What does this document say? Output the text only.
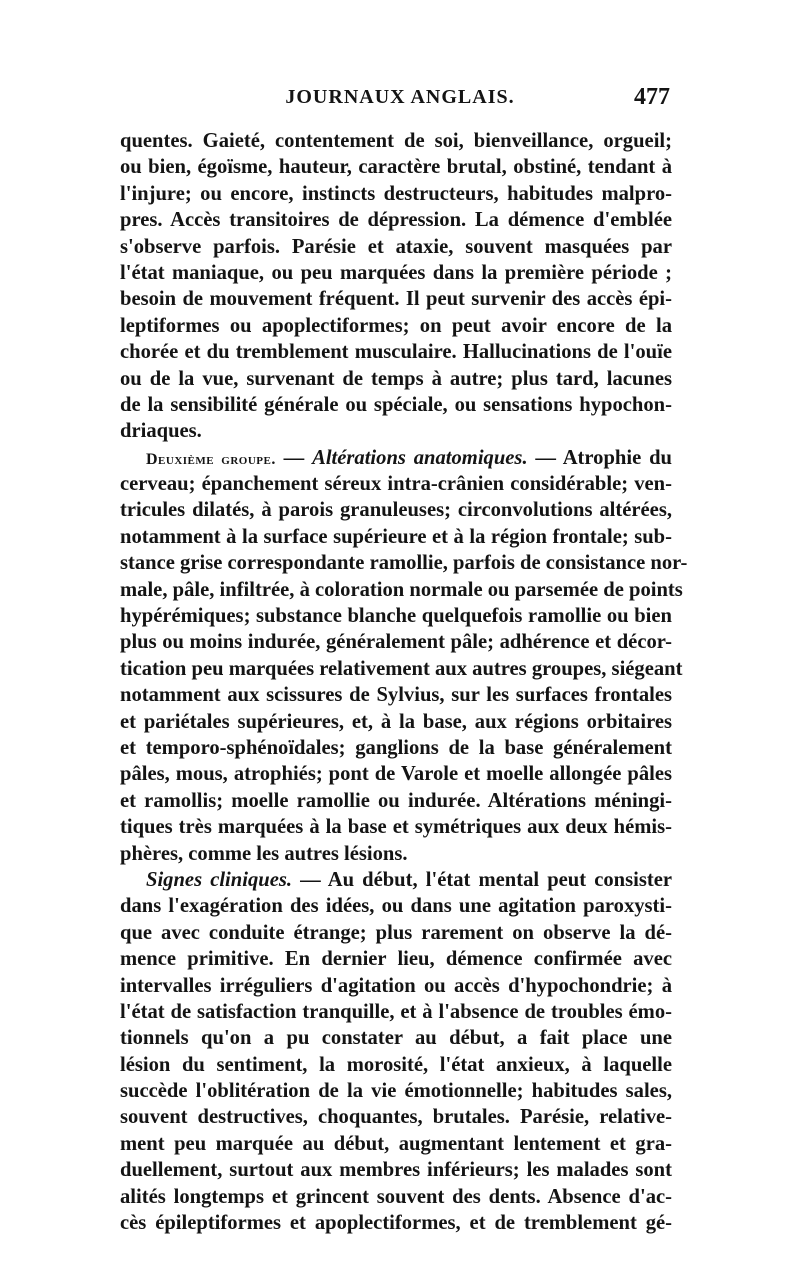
JOURNAUX ANGLAIS.	477
quentes. Gaieté, contentement de soi, bienveillance, orgueil;
ou bien, égoïsme, hauteur, caractère brutal, obstiné, tendant à
l'injure; ou encore, instincts destructeurs, habitudes malpro-
pres. Accès transitoires de dépression. La démence d'emblée
s'observe parfois. Parésie et ataxie, souvent masquées par
l'état maniaque, ou peu marquées dans la première période ;
besoin de mouvement fréquent. Il peut survenir des accès épi-
leptiformes ou apoplectiformes; on peut avoir encore de la
chorée et du tremblement musculaire. Hallucinations de l'ouïe
ou de la vue, survenant de temps à autre; plus tard, lacunes
de la sensibilité générale ou spéciale, ou sensations hypochon-
driaques.
Deuxième groupe. — Altérations anatomiques. — Atrophie du
cerveau; épanchement séreux intra-crânien considérable; ven-
tricules dilatés, à parois granuleuses; circonvolutions altérées,
notamment à la surface supérieure et à la région frontale; sub-
stance grise correspondante ramollie, parfois de consistance nor-
male, pâle, infiltrée, à coloration normale ou parsemée de points
hypérémiques; substance blanche quelquefois ramollie ou bien
plus ou moins indurée, généralement pâle; adhérence et décor-
tication peu marquées relativement aux autres groupes, siégeant
notamment aux scissures de Sylvius, sur les surfaces frontales
et pariétales supérieures, et, à la base, aux régions orbitaires
et temporo-sphénoïdales; ganglions de la base généralement
pâles, mous, atrophiés; pont de Varole et moelle allongée pâles
et ramollis; moelle ramollie ou indurée. Altérations méningi-
tiques très marquées à la base et symétriques aux deux hémis-
phères, comme les autres lésions.
Signes cliniques. — Au début, l'état mental peut consister
dans l'exagération des idées, ou dans une agitation paroxysti-
que avec conduite étrange; plus rarement on observe la dé-
mence primitive. En dernier lieu, démence confirmée avec
intervalles irréguliers d'agitation ou accès d'hypochondrie; à
l'état de satisfaction tranquille, et à l'absence de troubles émo-
tionnels qu'on a pu constater au début, a fait place une
lésion du sentiment, la morosité, l'état anxieux, à laquelle
succède l'oblitération de la vie émotionnelle; habitudes sales,
souvent destructives, choquantes, brutales. Parésie, relative-
ment peu marquée au début, augmentant lentement et gra-
duellement, surtout aux membres inférieurs; les malades sont
alités longtemps et grincent souvent des dents. Absence d'ac-
cès épileptiformes et apoplectiformes, et de tremblement gé-
